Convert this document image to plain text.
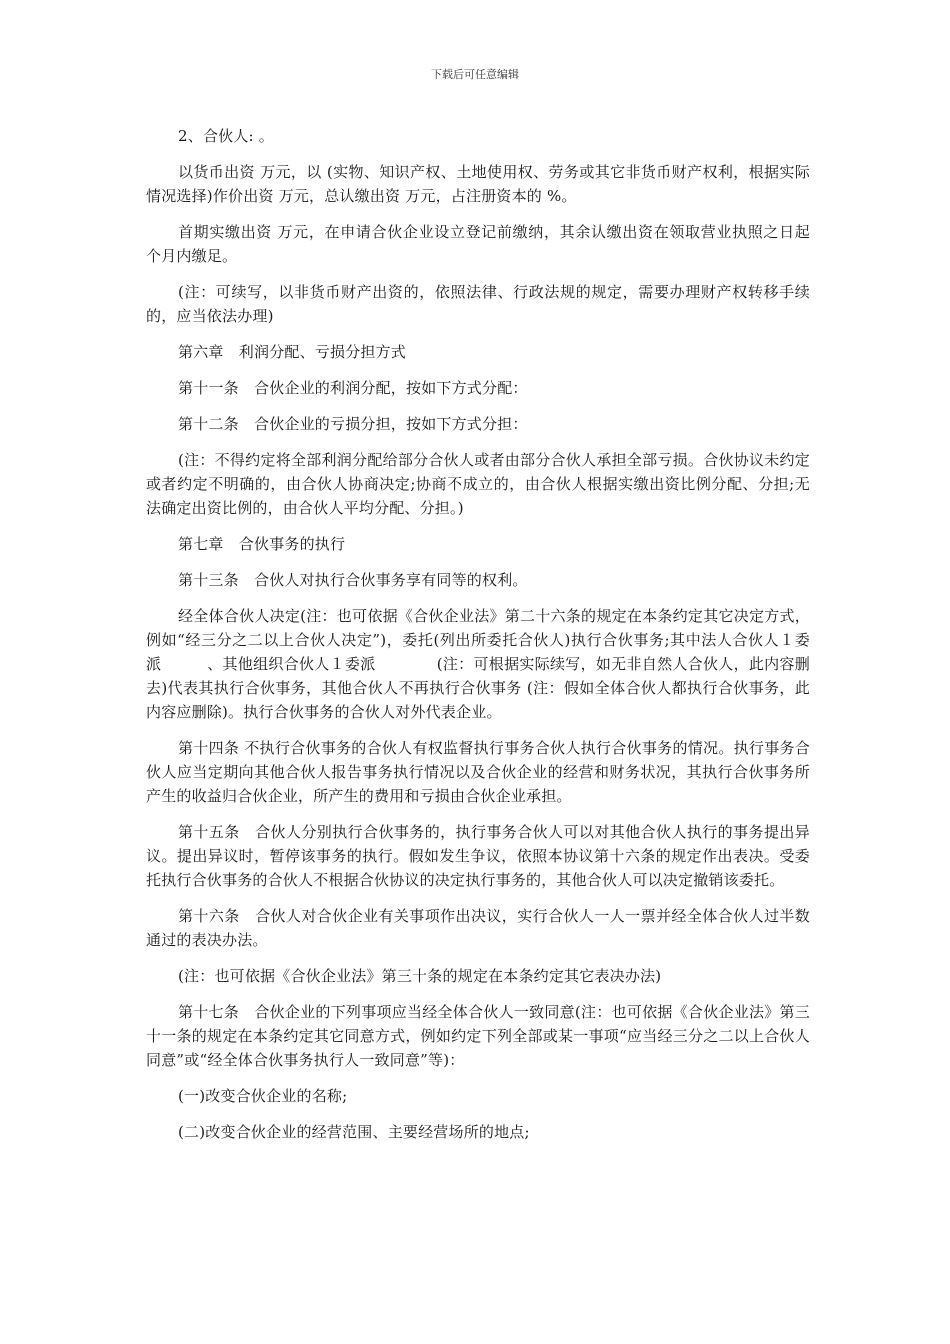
下载后可任意编辑

2、合伙人: 。

以货币出资 万元，以 (实物、知识产权、土地使用权、劳务或其它非货币财产权利，根据实际情况选择)作价出资 万元，总认缴出资 万元，占注册资本的 %。

首期实缴出资 万元，在申请合伙企业设立登记前缴纳，其余认缴出资在领取营业执照之日起 个月内缴足。

(注：可续写，以非货币财产出资的，依照法律、行政法规的规定，需要办理财产权转移手续的，应当依法办理)

第六章　利润分配、亏损分担方式

第十一条　合伙企业的利润分配，按如下方式分配：

第十二条　合伙企业的亏损分担，按如下方式分担：

(注：不得约定将全部利润分配给部分合伙人或者由部分合伙人承担全部亏损。合伙协议未约定或者约定不明确的，由合伙人协商决定;协商不成立的，由合伙人根据实缴出资比例分配、分担;无法确定出资比例的，由合伙人平均分配、分担。)

第七章　合伙事务的执行

第十三条　合伙人对执行合伙事务享有同等的权利。

经全体合伙人决定(注：也可依据《合伙企业法》第二十六条的规定在本条约定其它决定方式，例如“经三分之二以上合伙人决定”)，委托(列出所委托合伙人)执行合伙事务;其中法人合伙人１委派　　　、其他组织合伙人１委派　　　　(注：可根据实际续写，如无非自然人合伙人，此内容删去)代表其执行合伙事务，其他合伙人不再执行合伙事务 (注：假如全体合伙人都执行合伙事务，此内容应删除)。执行合伙事务的合伙人对外代表企业。

第十四条 不执行合伙事务的合伙人有权监督执行事务合伙人执行合伙事务的情况。执行事务合伙人应当定期向其他合伙人报告事务执行情况以及合伙企业的经营和财务状况，其执行合伙事务所产生的收益归合伙企业，所产生的费用和亏损由合伙企业承担。

第十五条　合伙人分别执行合伙事务的，执行事务合伙人可以对其他合伙人执行的事务提出异议。提出异议时，暂停该事务的执行。假如发生争议，依照本协议第十六条的规定作出表决。受委托执行合伙事务的合伙人不根据合伙协议的决定执行事务的，其他合伙人可以决定撤销该委托。

第十六条　合伙人对合伙企业有关事项作出决议，实行合伙人一人一票并经全体合伙人过半数通过的表决办法。

(注：也可依据《合伙企业法》第三十条的规定在本条约定其它表决办法)

第十七条　合伙企业的下列事项应当经全体合伙人一致同意(注：也可依据《合伙企业法》第三十一条的规定在本条约定其它同意方式，例如约定下列全部或某一事项“应当经三分之二以上合伙人同意”或“经全体合伙事务执行人一致同意”等)：

(一)改变合伙企业的名称;

(二)改变合伙企业的经营范围、主要经营场所的地点;
